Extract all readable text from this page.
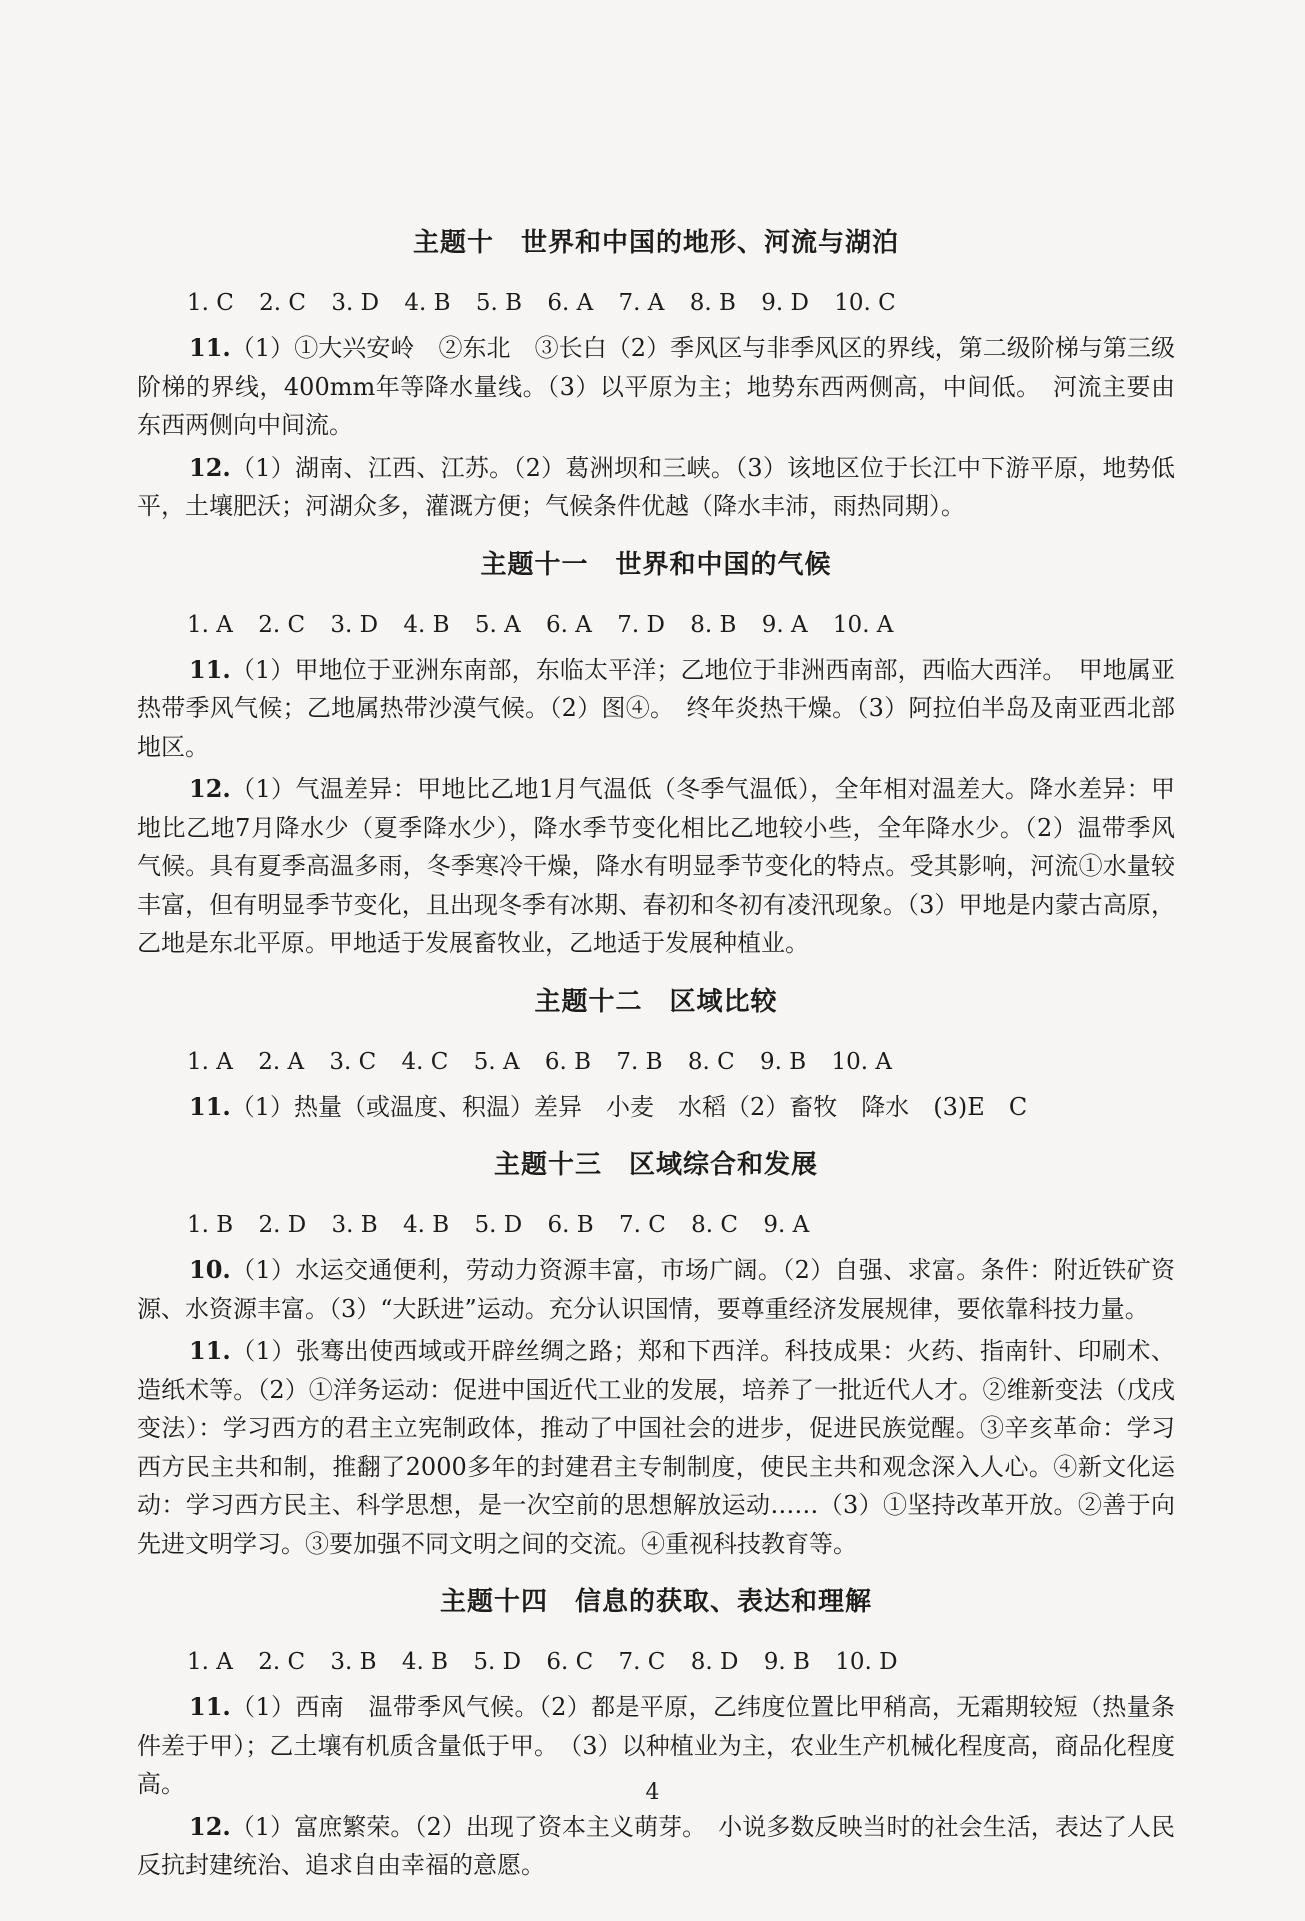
主题十　世界和中国的地形、河流与湖泊
1. C 2. C 3. D 4. B 5. B 6. A 7. A 8. B 9. D 10. C

11.（1）①大兴安岭　②东北　③长白（2）季风区与非季风区的界线，第二级阶梯与第三级阶梯的界线，400mm年等降水量线。（3）以平原为主；地势东西两侧高，中间低。　河流主要由东西两侧向中间流。

12.（1）湖南、江西、江苏。（2）葛洲坝和三峡。（3）该地区位于长江中下游平原，地势低平，土壤肥沃；河湖众多，灌溉方便；气候条件优越（降水丰沛，雨热同期）。

主题十一　世界和中国的气候
1. A 2. C 3. D 4. B 5. A 6. A 7. D 8. B 9. A 10. A

11.（1）甲地位于亚洲东南部，东临太平洋；乙地位于非洲西南部，西临大西洋。　甲地属亚热带季风气候；乙地属热带沙漠气候。（2）图④。　终年炎热干燥。（3）阿拉伯半岛及南亚西北部地区。

12.（1）气温差异：甲地比乙地1月气温低（冬季气温低），全年相对温差大。降水差异：甲地比乙地7月降水少（夏季降水少），降水季节变化相比乙地较小些，全年降水少。（2）温带季风气候。具有夏季高温多雨，冬季寒冷干燥，降水有明显季节变化的特点。受其影响，河流①水量较丰富，但有明显季节变化，且出现冬季有冰期、春初和冬初有凌汛现象。（3）甲地是内蒙古高原，乙地是东北平原。甲地适于发展畜牧业，乙地适于发展种植业。

主题十二　区域比较
1. A 2. A 3. C 4. C 5. A 6. B 7. B 8. C 9. B 10. A

11.（1）热量（或温度、积温）差异　小麦　水稻（2）畜牧　降水　(3)E　C

主题十三　区域综合和发展
1. B 2. D 3. B 4. B 5. D 6. B 7. C 8. C 9. A

10.（1）水运交通便利，劳动力资源丰富，市场广阔。（2）自强、求富。条件：附近铁矿资源、水资源丰富。（3）“大跃进”运动。充分认识国情，要尊重经济发展规律，要依靠科技力量。

11.（1）张骞出使西域或开辟丝绸之路；郑和下西洋。科技成果：火药、指南针、印刷术、造纸术等。（2）①洋务运动：促进中国近代工业的发展，培养了一批近代人才。②维新变法（戊戌变法）：学习西方的君主立宪制政体，推动了中国社会的进步，促进民族觉醒。③辛亥革命：学习西方民主共和制，推翻了2000多年的封建君主专制制度，使民主共和观念深入人心。④新文化运动：学习西方民主、科学思想，是一次空前的思想解放运动……（3）①坚持改革开放。②善于向先进文明学习。③要加强不同文明之间的交流。④重视科技教育等。

主题十四　信息的获取、表达和理解
1. A 2. C 3. B 4. B 5. D 6. C 7. C 8. D 9. B 10. D

11.（1）西南　温带季风气候。（2）都是平原，乙纬度位置比甲稍高，无霜期较短（热量条件差于甲）；乙土壤有机质含量低于甲。　（3）以种植业为主，农业生产机械化程度高，商品化程度高。

12.（1）富庶繁荣。（2）出现了资本主义萌芽。　小说多数反映当时的社会生活，表达了人民反抗封建统治、追求自由幸福的意愿。

4
